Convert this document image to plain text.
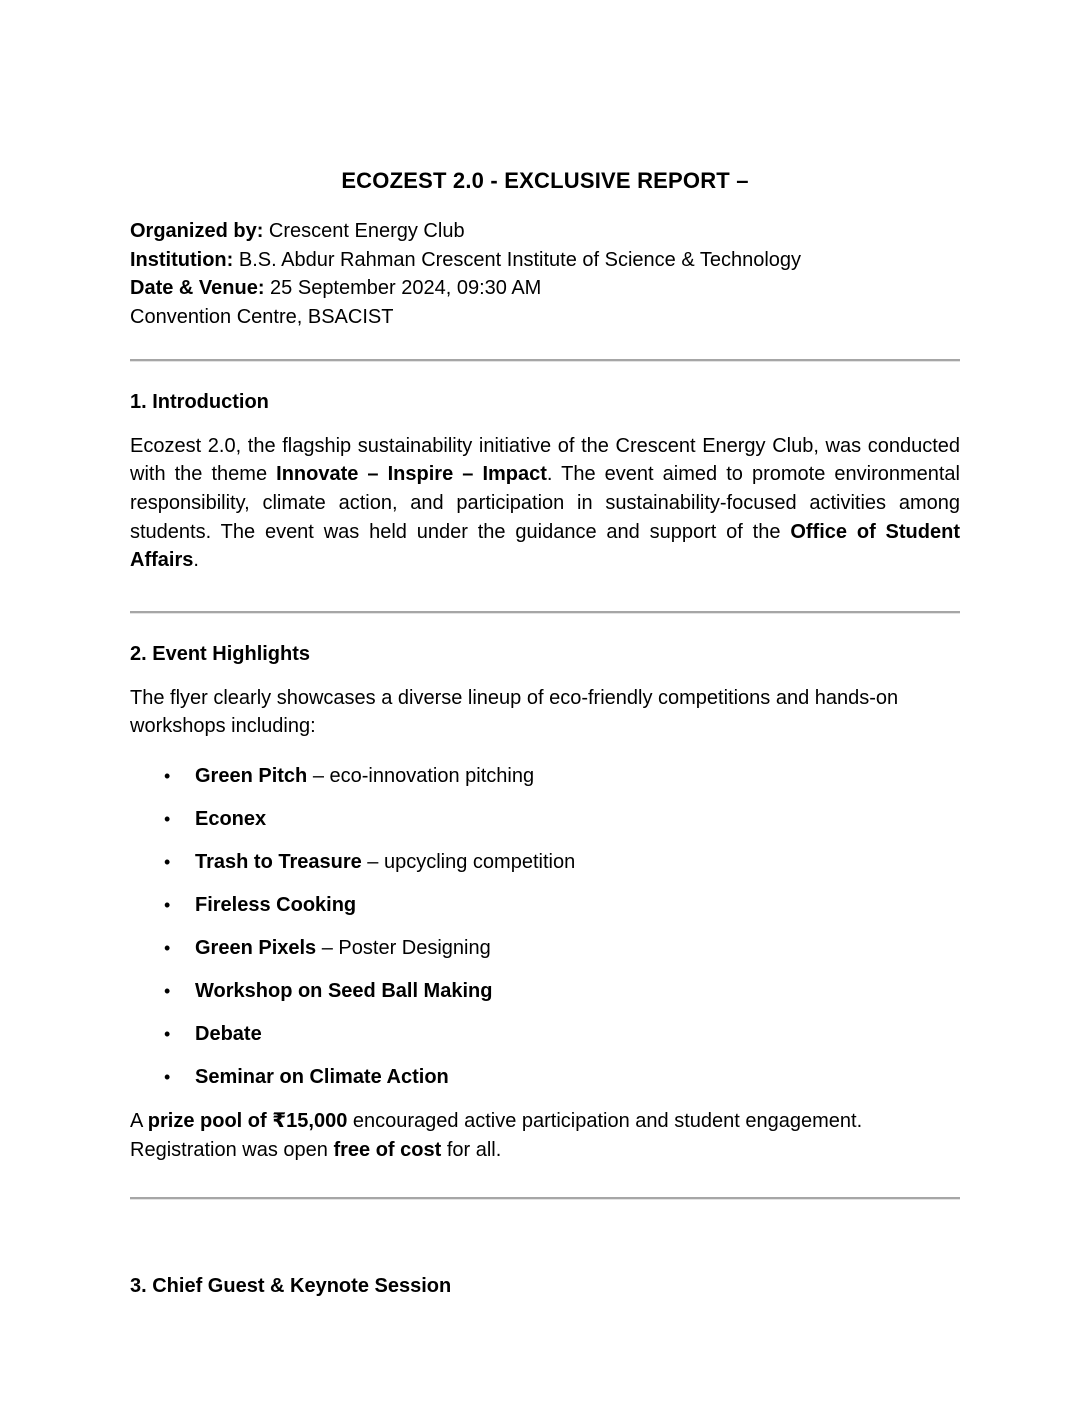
ECOZEST 2.0 - EXCLUSIVE REPORT –

Organized by: Crescent Energy Club

Institution: B.S. Abdur Rahman Crescent Institute of Science & Technology

Date & Venue: 25 September 2024, 09:30 AM

Convention Centre, BSACIST

1. Introduction

Ecozest 2.0, the flagship sustainability initiative of the Crescent Energy Club, was conducted with the theme Innovate – Inspire – Impact. The event aimed to promote environmental responsibility, climate action, and participation in sustainability-focused activities among students. The event was held under the guidance and support of the Office of Student Affairs.

2. Event Highlights

The flyer clearly showcases a diverse lineup of eco-friendly competitions and hands-on workshops including:

• Green Pitch – eco-innovation pitching
• Econex
• Trash to Treasure – upcycling competition
• Fireless Cooking
• Green Pixels – Poster Designing
• Workshop on Seed Ball Making
• Debate
• Seminar on Climate Action

A prize pool of ₹15,000 encouraged active participation and student engagement. Registration was open free of cost for all.

3. Chief Guest & Keynote Session
